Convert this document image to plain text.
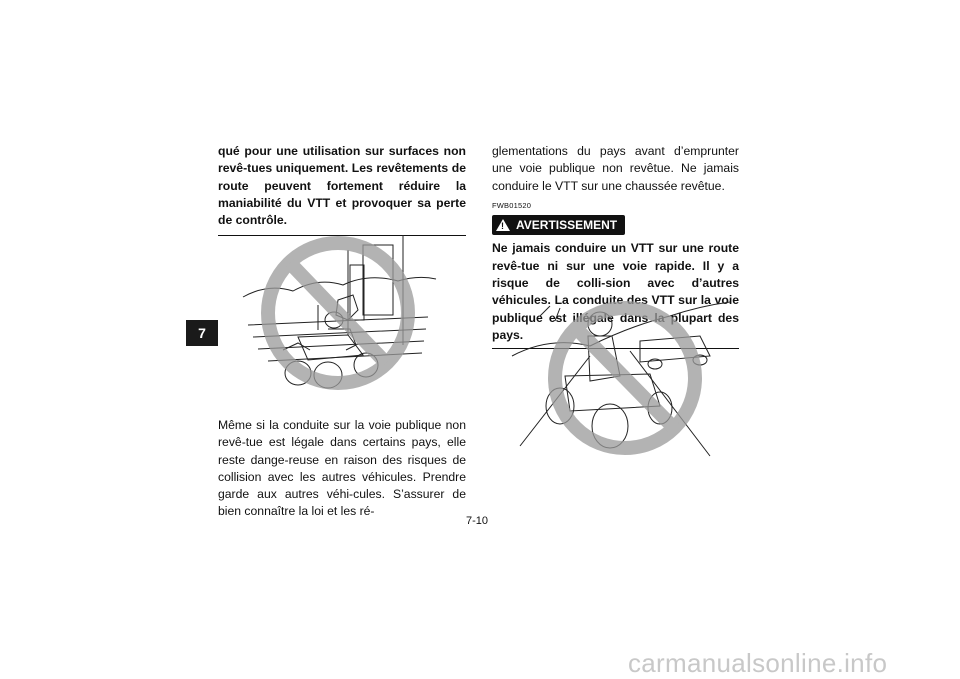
7
qué pour une utilisation sur surfaces non revê-tues uniquement. Les revêtements de route peuvent fortement réduire la maniabilité du VTT et provoquer sa perte de contrôle.
Même si la conduite sur la voie publique non revê-tue est légale dans certains pays, elle reste dange-reuse en raison des risques de collision avec les autres véhicules. Prendre garde aux autres véhi-cules. S’assurer de bien connaître la loi et les ré-
glementations du pays avant d’emprunter une voie publique non revêtue. Ne jamais conduire le VTT sur une chaussée revêtue.
FWB01520
! AVERTISSEMENT
Ne jamais conduire un VTT sur une route revê-tue ni sur une voie rapide. Il y a risque de colli-sion avec d’autres véhicules. La conduite des VTT sur la voie publique est illégale dans la plupart des pays.
7-10
carmanualsonline.info
